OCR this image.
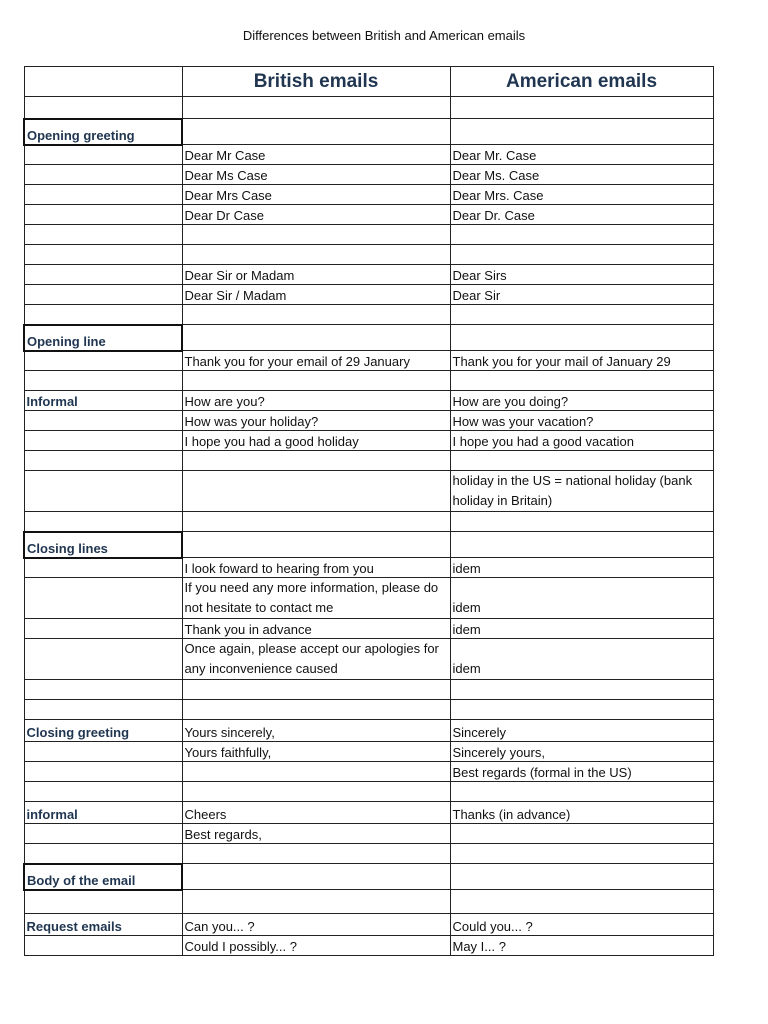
Differences between British and American emails
	British emails	American emails

Opening greeting		
	Dear Mr Case	Dear Mr. Case
	Dear Ms Case	Dear Ms. Case
	Dear Mrs Case	Dear Mrs. Case
	Dear Dr Case	Dear Dr. Case

	Dear Sir or Madam	Dear Sirs
	Dear Sir / Madam	Dear Sir

Opening line		
	Thank you for your email of 29 January	Thank you for your mail of January 29

Informal	How are you?	How are you doing?
	How was your holiday?	How was your vacation?
	I hope you had a good holiday	I hope you had a good vacation

		holiday in the US = national holiday (bank holiday in Britain)

Closing lines		
	I look foward to hearing from you	idem
	If you need any more information, please do not hesitate to contact me	idem
	Thank you in advance	idem
	Once again, please accept our apologies for any inconvenience caused	idem

Closing greeting	Yours sincerely,	Sincerely
	Yours faithfully,	Sincerely yours,
		Best regards (formal in the US)

informal	Cheers	Thanks (in advance)
	Best regards,	

Body of the email		

Request emails	Can you... ?	Could you... ?
	Could I possibly... ?	May I... ?
